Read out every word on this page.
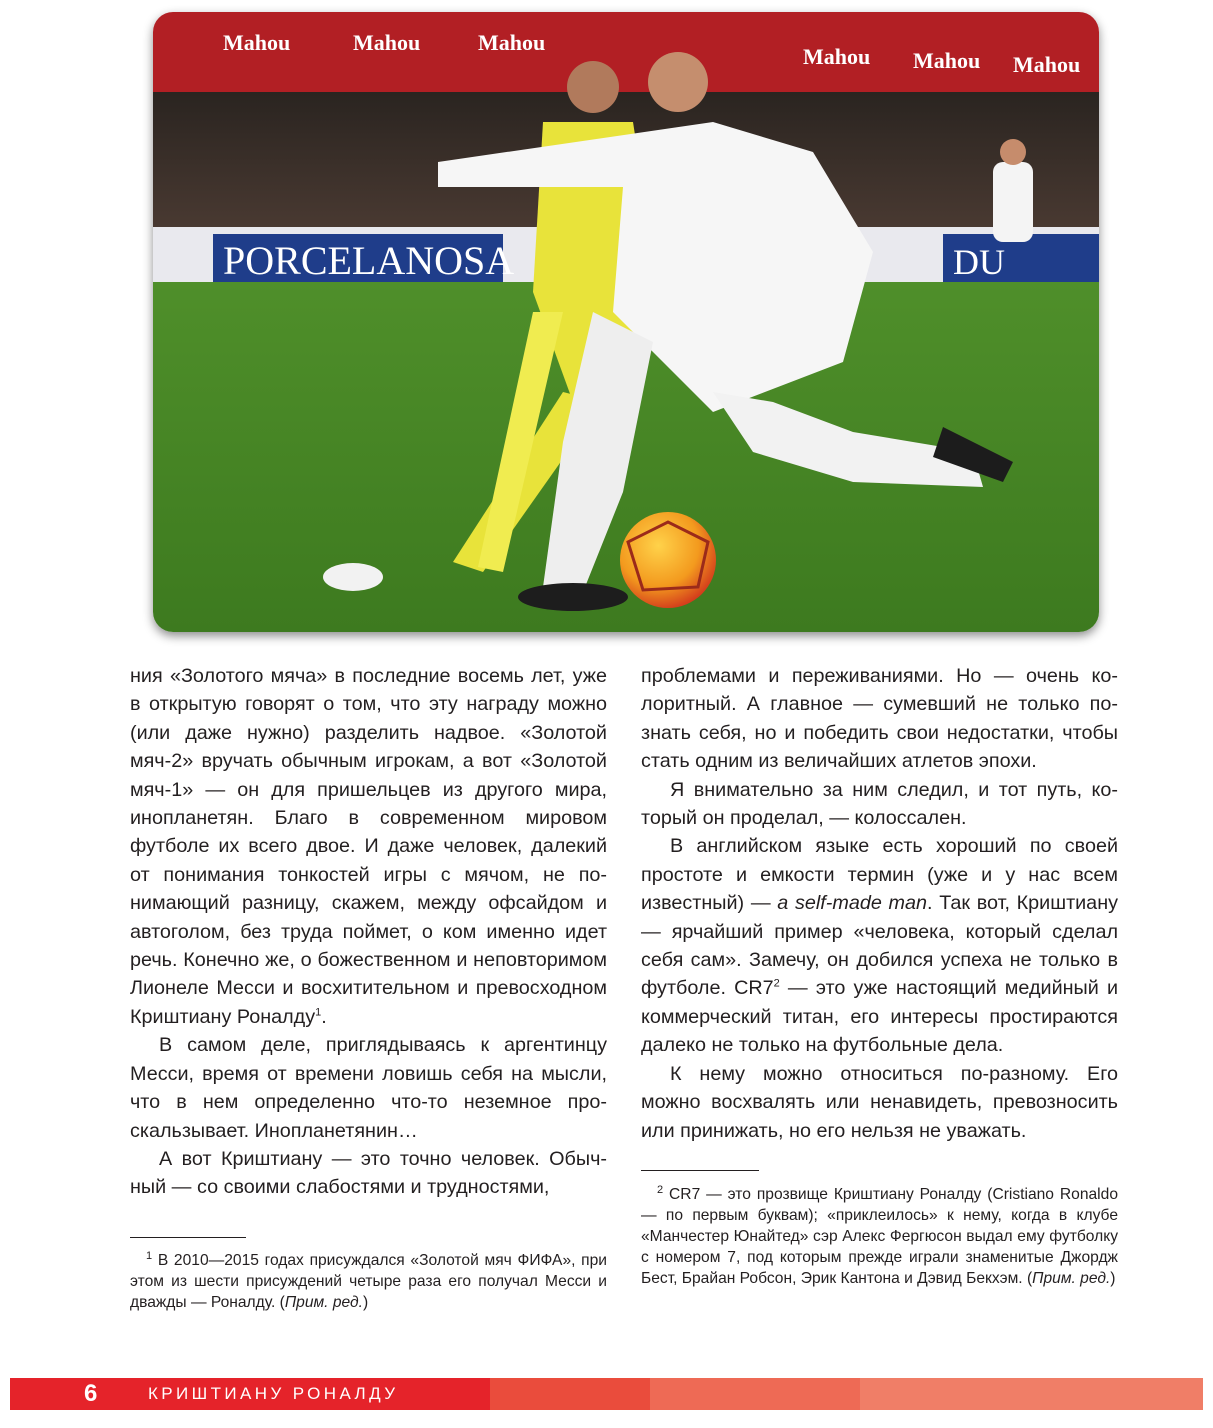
Mahou	Mahou	Mahou
Mahou Mahou Mahou
PORCELANOSA	DU

ния «Золотого мяча» в последние восемь лет, уже в открытую говорят о том, что эту награду можно (или даже нужно) разделить надвое. «Золотой мяч-2» вручать обычным игрокам, а вот «Золотой мяч-1» — он для пришельцев из другого мира, инопланетян. Благо в современном мировом футболе их всего двое. И даже человек, далекий от понимания тонкостей игры с мячом, не понимающий разницу, скажем, между офсайдом и автоголом, без труда поймет, о ком именно идет речь. Конечно же, о божественном и неповторимом Лионеле Месси и восхитительном и превосходном Криштиану Роналду$^1$.

В самом деле, приглядываясь к аргентинцу Месси, время от времени ловишь себя на мысли, что в нем определенно что-то неземное проскальзывает. Инопланетянин…

А вот Криштиану — это точно человек. Обычный — со своими слабостями и трудностями,

$^1$ В 2010—2015 годах присуждался «Золотой мяч ФИФА», при этом из шести присуждений четыре раза его получал Месси и дважды — Роналду. (Прим. ред.)

проблемами и переживаниями. Но — очень колоритный. А главное — сумевший не только познать себя, но и победить свои недостатки, чтобы стать одним из величайших атлетов эпохи.

Я внимательно за ним следил, и тот путь, который он проделал, — колоссален.

В английском языке есть хороший по своей простоте и емкости термин (уже и у нас всем известный) — a self-made man. Так вот, Криштиану — ярчайший пример «человека, который сделал себя сам». Замечу, он добился успеха не только в футболе. $CR7^2$ — это уже настоящий медийный и коммерческий титан, его интересы простираются далеко не только на футбольные дела.

К нему можно относиться по-разному. Его можно восхвалять или ненавидеть, превозносить или принижать, но его нельзя не уважать.

$^2$ CR7 — это прозвище Криштиану Роналду (Cristiano Ronaldo — по первым буквам); «приклеилось» к нему, когда в клубе «Манчестер Юнайтед» сэр Алекс Фергюсон выдал ему футболку с номером 7, под которым прежде играли знаменитые Джордж Бест, Брайан Робсон, Эрик Кантона и Дэвид Бекхэм. (Прим. ред.)

6	КРИШТИАНУ РОНАЛДУ
